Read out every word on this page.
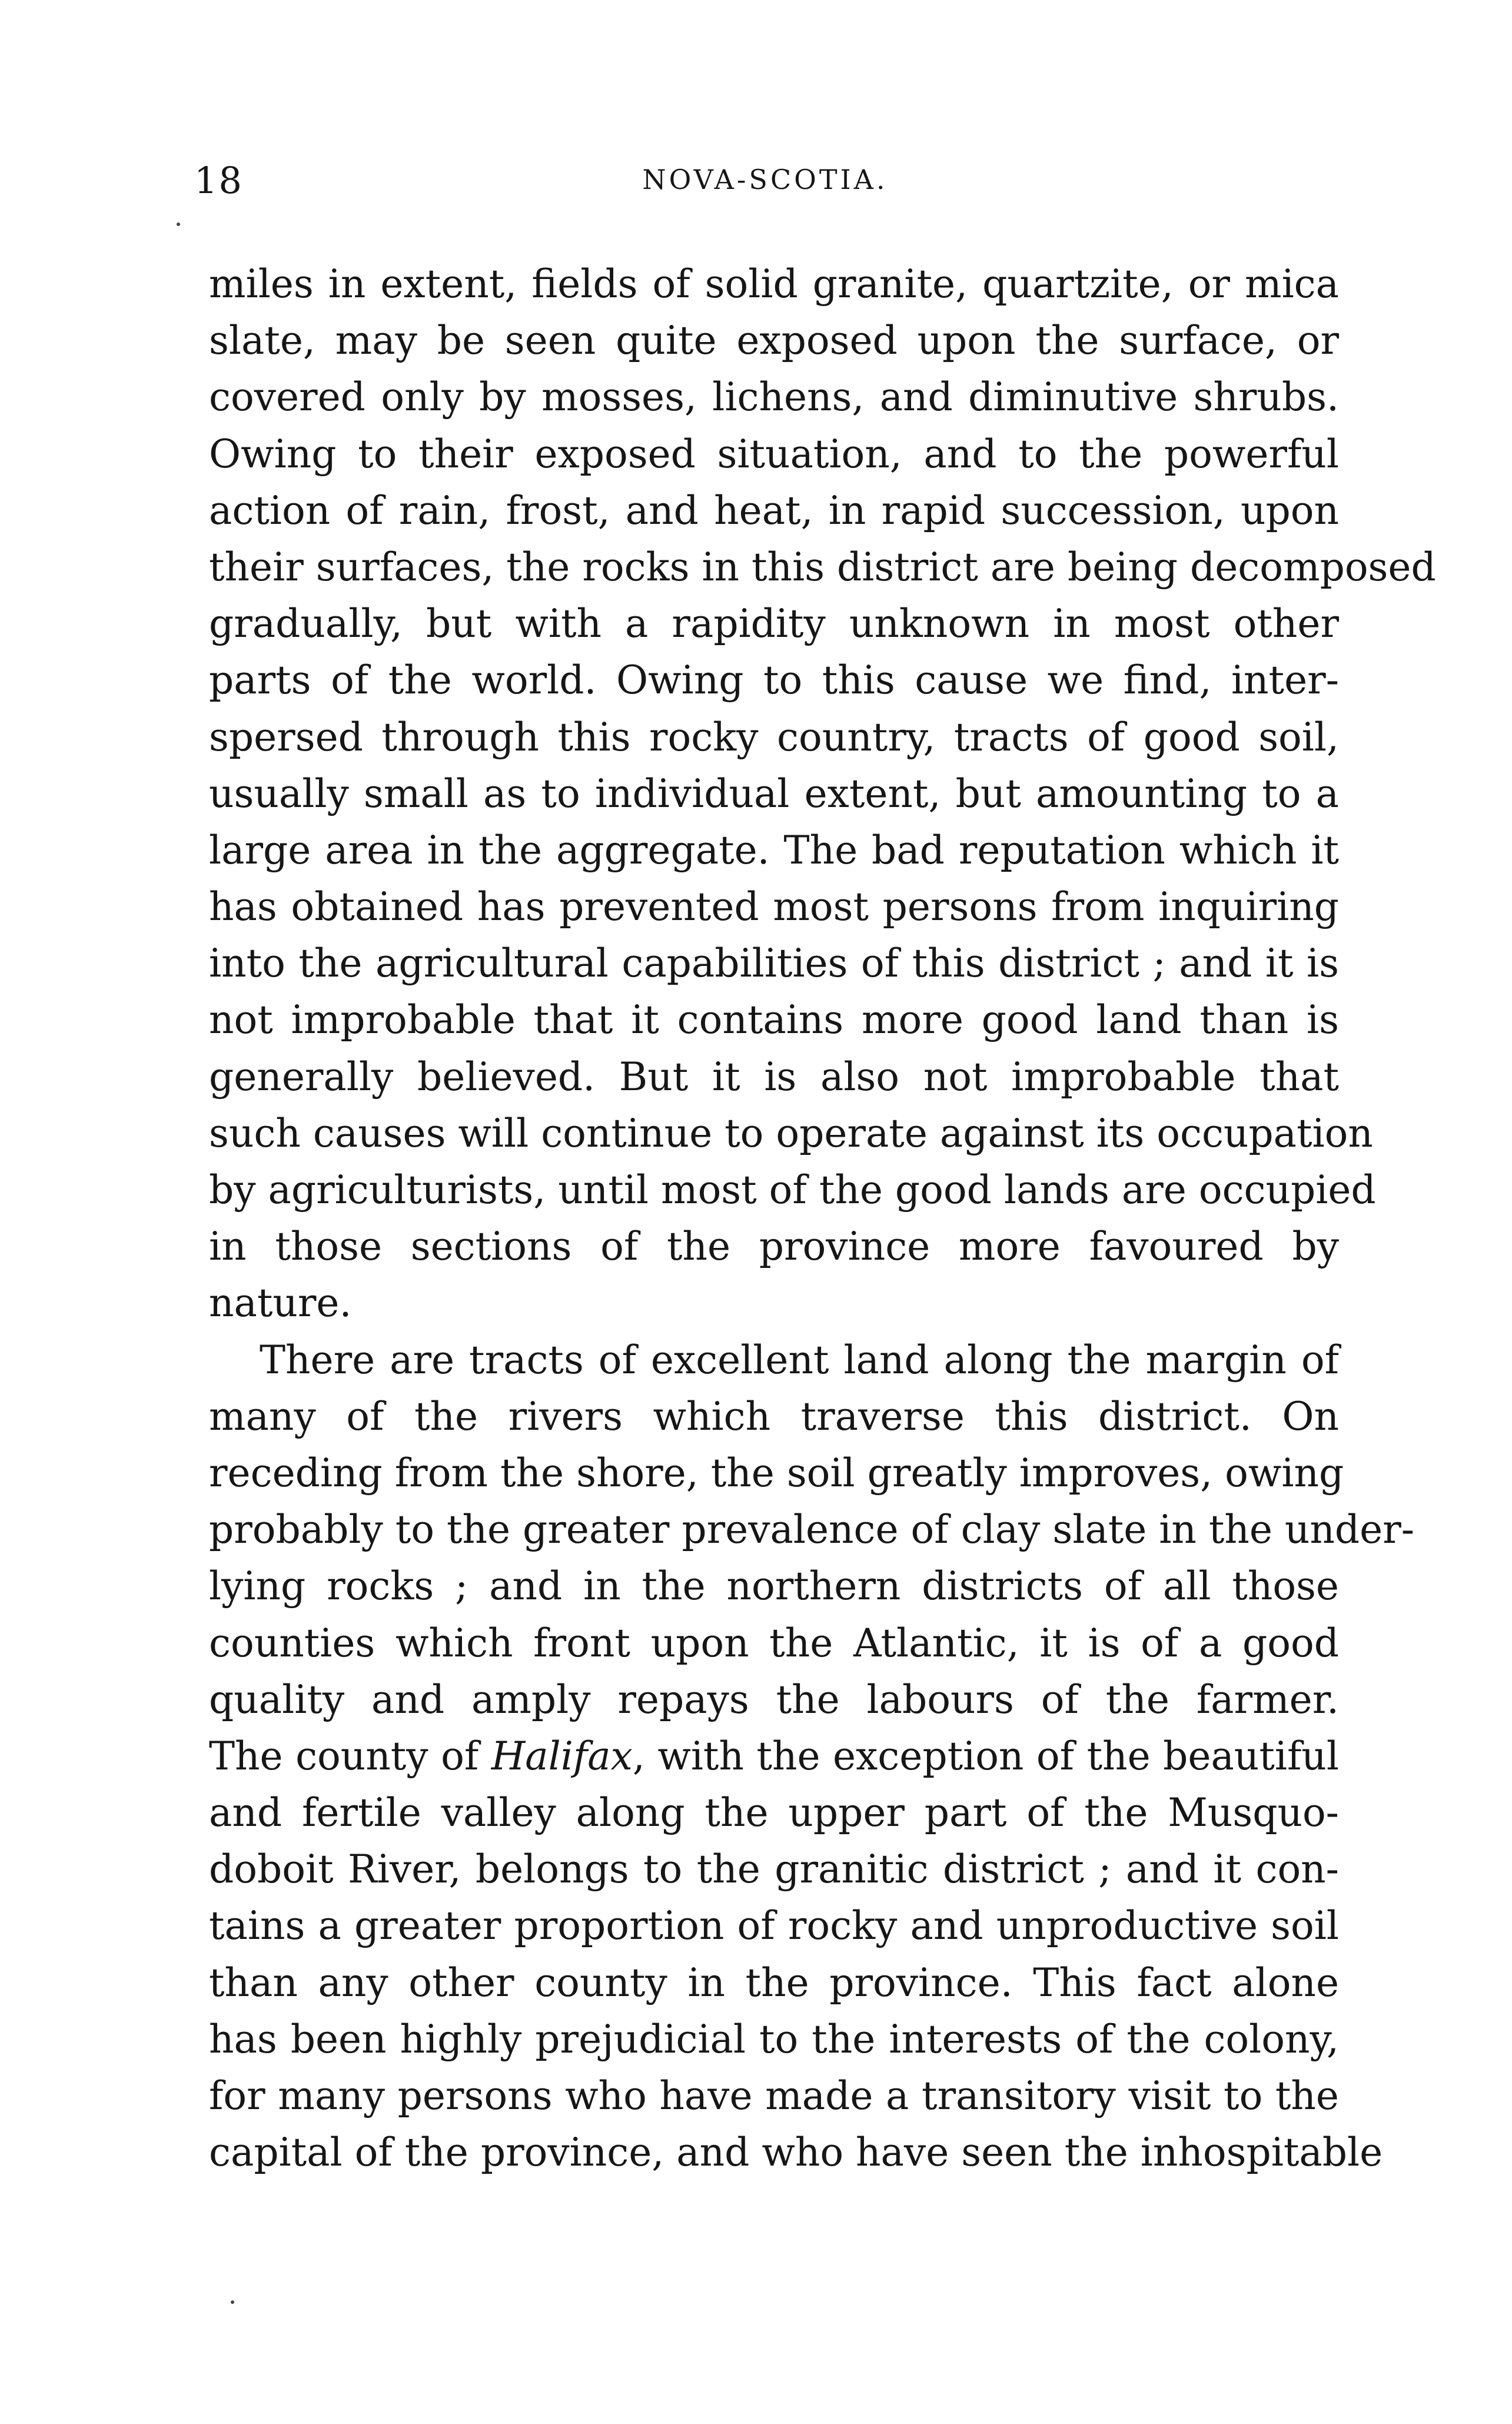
18	NOVA-SCOTIA.
miles in extent, fields of solid granite, quartzite, or mica
slate, may be seen quite exposed upon the surface, or
covered only by mosses, lichens, and diminutive shrubs.
Owing to their exposed situation, and to the powerful
action of rain, frost, and heat, in rapid succession, upon
their surfaces, the rocks in this district are being decomposed
gradually, but with a rapidity unknown in most other
parts of the world. Owing to this cause we find, inter-
spersed through this rocky country, tracts of good soil,
usually small as to individual extent, but amounting to a
large area in the aggregate. The bad reputation which it
has obtained has prevented most persons from inquiring
into the agricultural capabilities of this district ; and it is
not improbable that it contains more good land than is
generally believed. But it is also not improbable that
such causes will continue to operate against its occupation
by agriculturists, until most of the good lands are occupied
in those sections of the province more favoured by
nature.
There are tracts of excellent land along the margin of
many of the rivers which traverse this district. On
receding from the shore, the soil greatly improves, owing
probably to the greater prevalence of clay slate in the under-
lying rocks ; and in the northern districts of all those
counties which front upon the Atlantic, it is of a good
quality and amply repays the labours of the farmer.
The county of Halifax, with the exception of the beautiful
and fertile valley along the upper part of the Musquo-
doboit River, belongs to the granitic district ; and it con-
tains a greater proportion of rocky and unproductive soil
than any other county in the province. This fact alone
has been highly prejudicial to the interests of the colony,
for many persons who have made a transitory visit to the
capital of the province, and who have seen the inhospitable
